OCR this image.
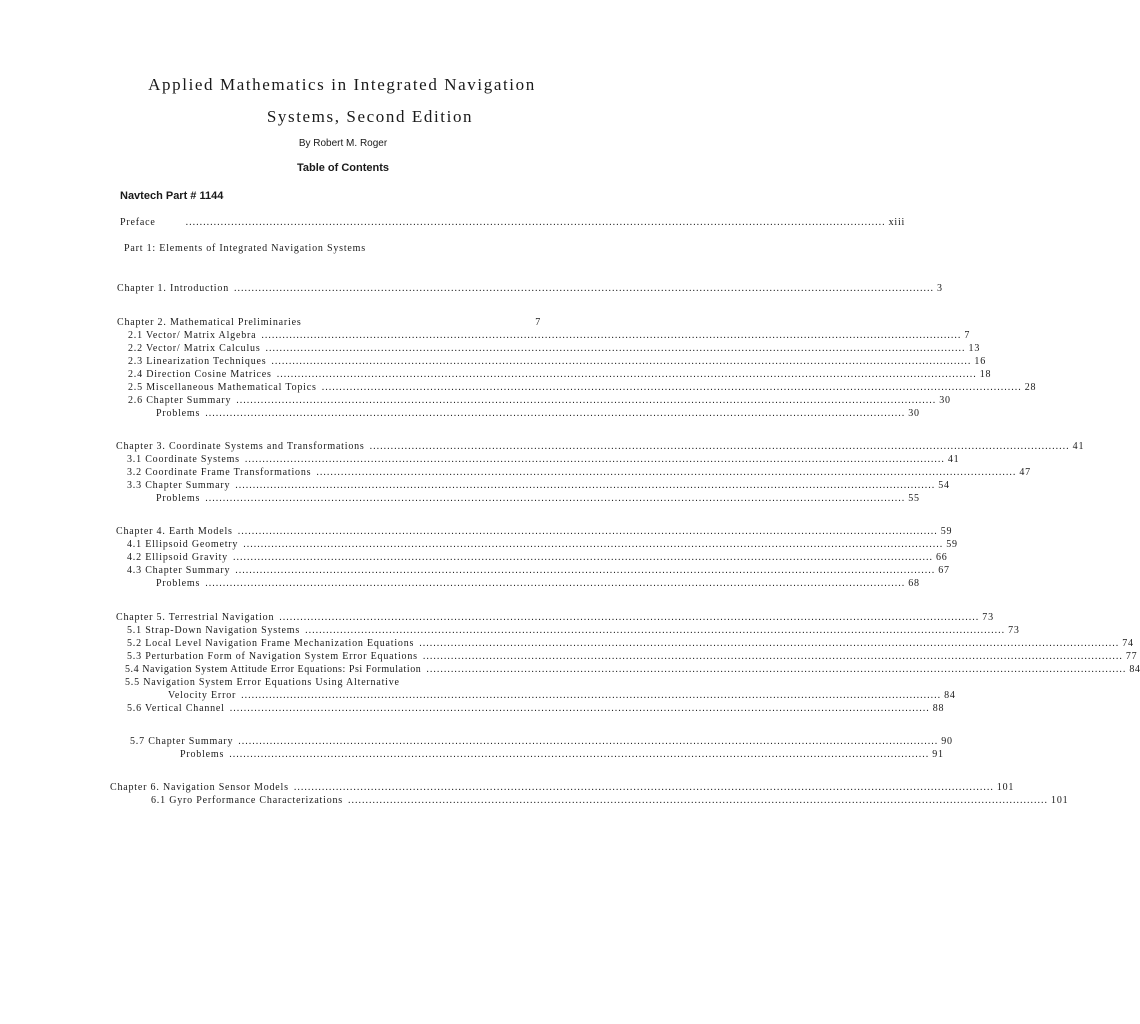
Applied Mathematics in Integrated Navigation
Systems, Second Edition
By Robert M. Roger
Table of Contents
Navtech Part # 1144
Preface	........................................................................................................................................................................................................ xiii
Part 1: Elements of Integrated Navigation Systems
Chapter 1. Introduction ........................................................................................................................................................................................................ 3
Chapter 2. Mathematical Preliminaries	7
2.1 Vector/ Matrix Algebra ........................................................................................................................................................................................................ 7
2.2 Vector/ Matrix Calculus ........................................................................................................................................................................................................ 13
2.3 Linearization Techniques ........................................................................................................................................................................................................ 16
2.4 Direction Cosine Matrices ........................................................................................................................................................................................................ 18
2.5 Miscellaneous Mathematical Topics ........................................................................................................................................................................................................ 28
2.6 Chapter Summary ........................................................................................................................................................................................................ 30
Problems ........................................................................................................................................................................................................ 30
Chapter 3. Coordinate Systems and Transformations ........................................................................................................................................................................................................ 41
3.1 Coordinate Systems ........................................................................................................................................................................................................ 41
3.2 Coordinate Frame Transformations ........................................................................................................................................................................................................ 47
3.3 Chapter Summary ........................................................................................................................................................................................................ 54
Problems ........................................................................................................................................................................................................ 55
Chapter 4. Earth Models ........................................................................................................................................................................................................ 59
4.1 Ellipsoid Geometry ........................................................................................................................................................................................................ 59
4.2 Ellipsoid Gravity ........................................................................................................................................................................................................ 66
4.3 Chapter Summary ........................................................................................................................................................................................................ 67
Problems ........................................................................................................................................................................................................ 68
Chapter 5. Terrestrial Navigation ........................................................................................................................................................................................................ 73
5.1 Strap-Down Navigation Systems ........................................................................................................................................................................................................ 73
5.2 Local Level Navigation Frame Mechanization Equations ........................................................................................................................................................................................................ 74
5.3 Perturbation Form of Navigation System Error Equations ........................................................................................................................................................................................................ 77
5.4 Navigation System Attitude Error Equations: Psi Formulation ........................................................................................................................................................................................................ 84
5.5 Navigation System Error Equations Using Alternative
Velocity Error ........................................................................................................................................................................................................ 84
5.6 Vertical Channel ........................................................................................................................................................................................................ 88
5.7 Chapter Summary ........................................................................................................................................................................................................ 90
Problems ........................................................................................................................................................................................................ 91
Chapter 6. Navigation Sensor Models ........................................................................................................................................................................................................ 101
6.1 Gyro Performance Characterizations ........................................................................................................................................................................................................ 101
